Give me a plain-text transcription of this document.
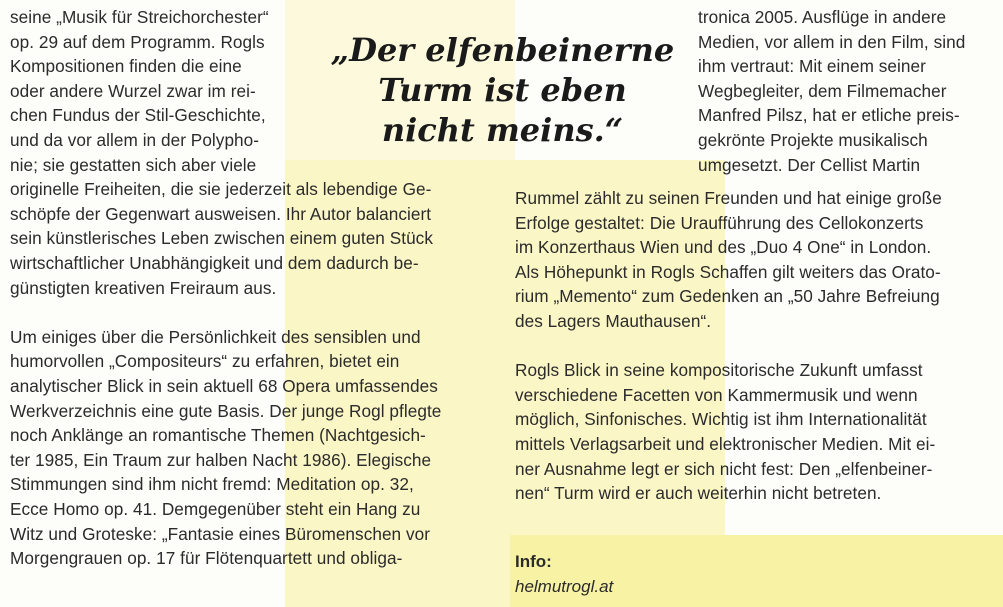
„Der elfenbeinerne
Turm ist eben
nicht meins.“
seine „Musik für Streichorchester“
op. 29 auf dem Programm. Rogls
Kompositionen finden die eine
oder andere Wurzel zwar im rei-
chen Fundus der Stil-Geschichte,
und da vor allem in der Polypho-
nie; sie gestatten sich aber viele
originelle Freiheiten, die sie jederzeit als lebendige Ge-
schöpfe der Gegenwart ausweisen. Ihr Autor balanciert
sein künstlerisches Leben zwischen einem guten Stück
wirtschaftlicher Unabhängigkeit und dem dadurch be-
günstigten kreativen Freiraum aus.
Um einiges über die Persönlichkeit des sensiblen und
humorvollen „Compositeurs“ zu erfahren, bietet ein
analytischer Blick in sein aktuell 68 Opera umfassendes
Werkverzeichnis eine gute Basis. Der junge Rogl pflegte
noch Anklänge an romantische Themen (Nachtgesich-
ter 1985, Ein Traum zur halben Nacht 1986). Elegische
Stimmungen sind ihm nicht fremd: Meditation op. 32,
Ecce Homo op. 41. Demgegenüber steht ein Hang zu
Witz und Groteske: „Fantasie eines Büromenschen vor
Morgengrauen op. 17 für Flötenquartett und obliga-
tronica 2005. Ausflüge in andere
Medien, vor allem in den Film, sind
ihm vertraut: Mit einem seiner
Wegbegleiter, dem Filmemacher
Manfred Pilsz, hat er etliche preis-
gekrönte Projekte musikalisch
umgesetzt. Der Cellist Martin
Rummel zählt zu seinen Freunden und hat einige große
Erfolge gestaltet: Die Uraufführung des Cellokonzerts
im Konzerthaus Wien und des „Duo 4 One“ in London.
Als Höhepunkt in Rogls Schaffen gilt weiters das Orato-
rium „Memento“ zum Gedenken an „50 Jahre Befreiung
des Lagers Mauthausen“.
Rogls Blick in seine kompositorische Zukunft umfasst
verschiedene Facetten von Kammermusik und wenn
möglich, Sinfonisches. Wichtig ist ihm Internationalität
mittels Verlagsarbeit und elektronischer Medien. Mit ei-
ner Ausnahme legt er sich nicht fest: Den „elfenbeiner-
nen“ Turm wird er auch weiterhin nicht betreten.
Info:
helmutrogl.at
